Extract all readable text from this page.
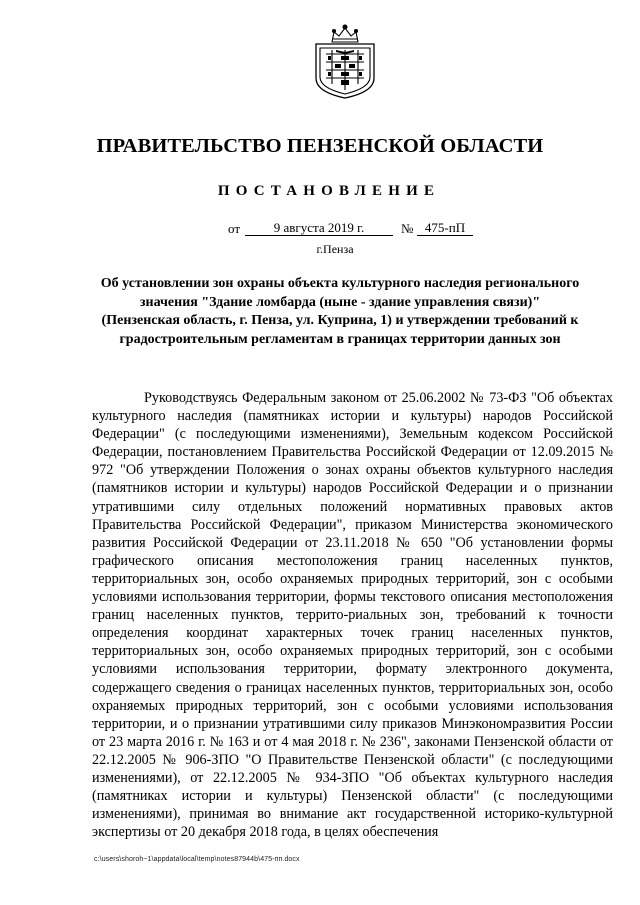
ПРАВИТЕЛЬСТВО ПЕНЗЕНСКОЙ ОБЛАСТИ
ПОСТАНОВЛЕНИЕ
от	9 августа 2019 г.	№ 475-пП
г.Пенза
Об установлении зон охраны объекта культурного наследия регионального значения "Здание ломбарда (ныне - здание управления связи)" (Пензенская область, г. Пенза, ул. Куприна, 1) и утверждении требований к градостроительным регламентам в границах территории данных зон

Руководствуясь Федеральным законом от 25.06.2002 № 73-ФЗ "Об объектах культурного наследия (памятниках истории и культуры) народов Российской Федерации" (с последующими изменениями), Земельным кодексом Российской Федерации, постановлением Правительства Российской Федерации от 12.09.2015 № 972 "Об утверждении Положения о зонах охраны объектов культурного наследия (памятников истории и культуры) народов Российской Федерации и о признании утратившими силу отдельных положений нормативных правовых актов Правительства Российской Федерации", приказом Министерства экономического развития Российской Федерации от 23.11.2018 № 650 "Об установлении формы графического описания местоположения границ населенных пунктов, территориальных зон, особо охраняемых природных территорий, зон с особыми условиями использования территории, формы текстового описания местоположения границ населенных пунктов, террито-риальных зон, требований к точности определения координат характерных точек границ населенных пунктов, территориальных зон, особо охраняемых природных территорий, зон с особыми условиями использования территории, формату электронного документа, содержащего сведения о границах населенных пунктов, территориальных зон, особо охраняемых природных территорий, зон с особыми условиями использования территории, и о признании утратившими силу приказов Минэкономразвития России от 23 марта 2016 г. № 163 и от 4 мая 2018 г. № 236", законами Пензенской области от 22.12.2005 № 906-ЗПО "О Правительстве Пензенской области" (с последующими изменениями), от 22.12.2005 № 934-ЗПО "Об объектах культурного наследия (памятниках истории и культуры) Пензенской области" (с последующими изменениями), принимая во внимание акт государственной историко-культурной экспертизы от 20 декабря 2018 года, в целях обеспечения

c:\users\shoroh~1\appdata\local\temp\notes87944b\475-пп.docx
